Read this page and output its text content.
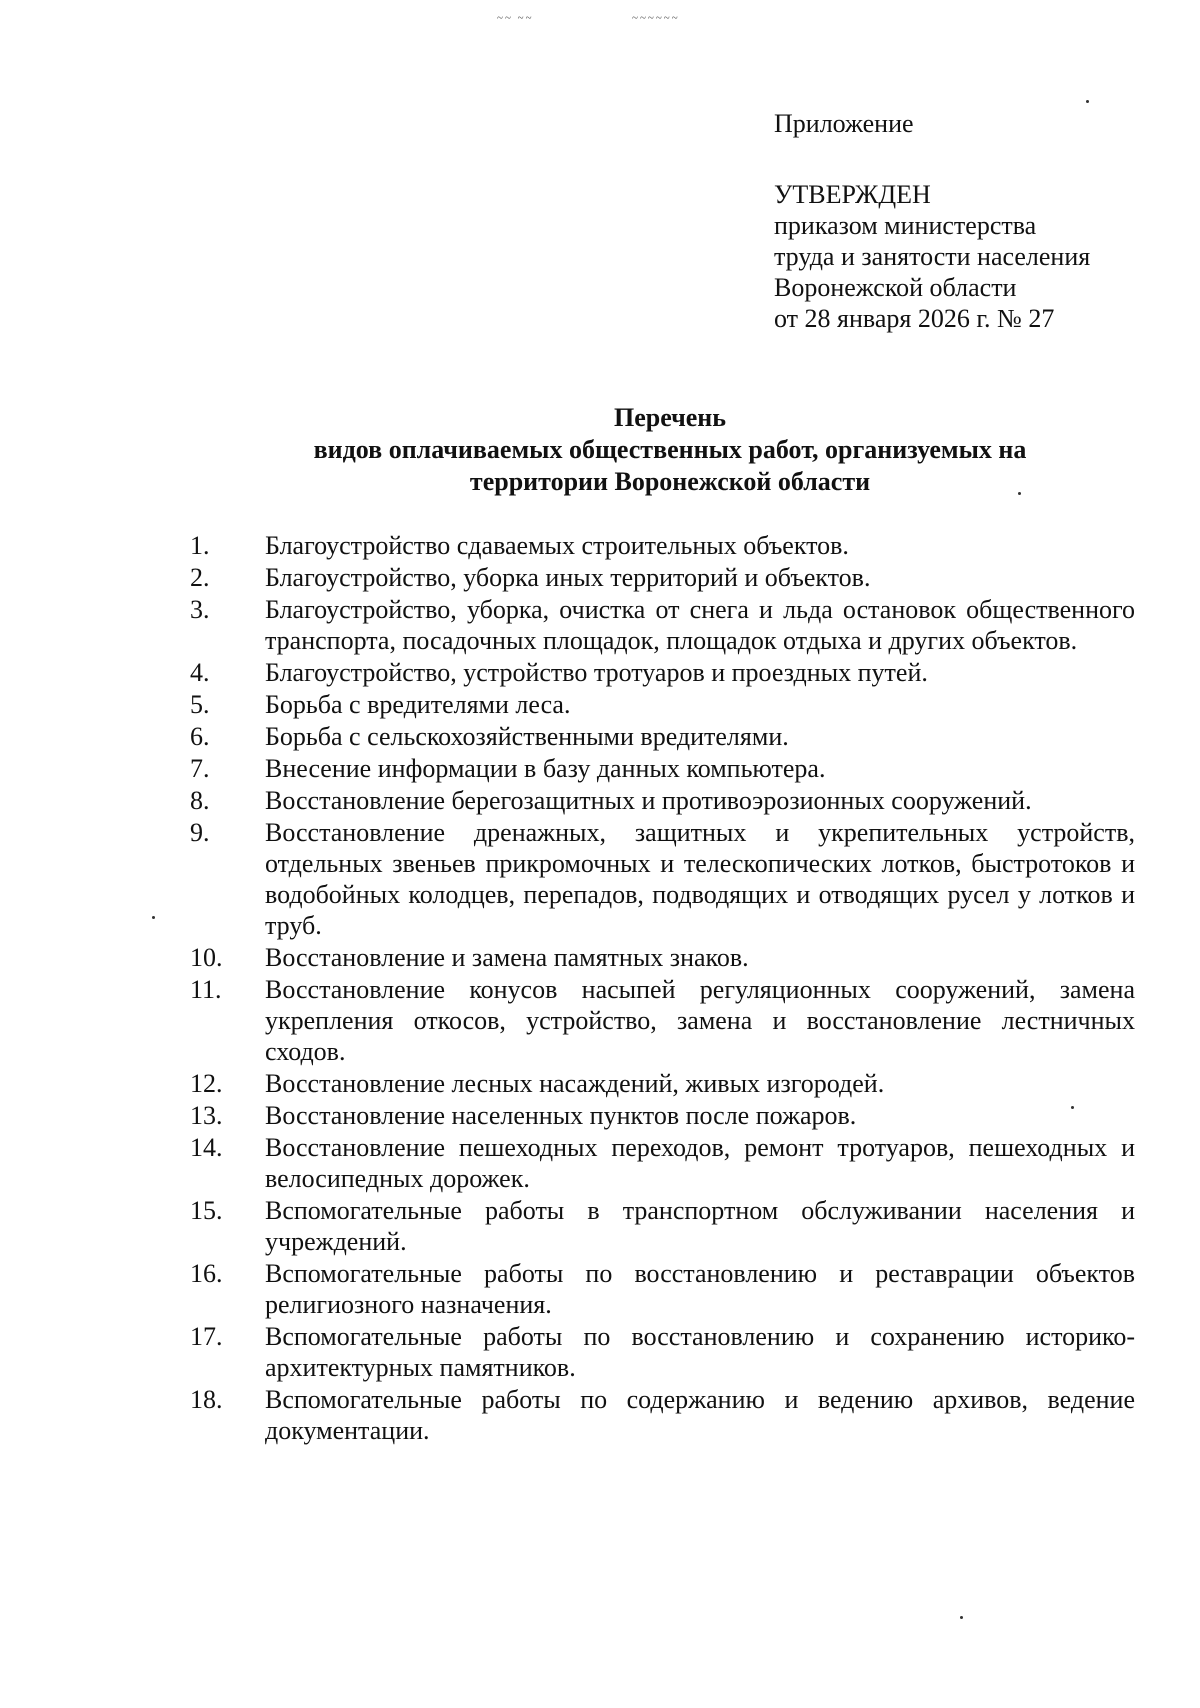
~~ ~~	~~~~~~
Приложение
УТВЕРЖДЕН
приказом министерства
труда и занятости населения
Воронежской области
от 28 января 2026 г. № 27
Перечень
видов оплачиваемых общественных работ, организуемых на
территории Воронежской области
1.	Благоустройство сдаваемых строительных объектов.
2.	Благоустройство, уборка иных территорий и объектов.
3.	Благоустройство, уборка, очистка от снега и льда остановок общественного транспорта, посадочных площадок, площадок отдыха и других объектов.
4.	Благоустройство, устройство тротуаров и проездных путей.
5.	Борьба с вредителями леса.
6.	Борьба с сельскохозяйственными вредителями.
7.	Внесение информации в базу данных компьютера.
8.	Восстановление берегозащитных и противоэрозионных сооружений.
9.	Восстановление дренажных, защитных и укрепительных устройств, отдельных звеньев прикромочных и телескопических лотков, быстротоков и водобойных колодцев, перепадов, подводящих и отводящих русел у лотков и труб.
10.	Восстановление и замена памятных знаков.
11.	Восстановление конусов насыпей регуляционных сооружений, замена укрепления откосов, устройство, замена и восстановление лестничных сходов.
12.	Восстановление лесных насаждений, живых изгородей.
13.	Восстановление населенных пунктов после пожаров.
14.	Восстановление пешеходных переходов, ремонт тротуаров, пешеходных и велосипедных дорожек.
15.	Вспомогательные работы в транспортном обслуживании населения и учреждений.
16.	Вспомогательные работы по восстановлению и реставрации объектов религиозного назначения.
17.	Вспомогательные работы по восстановлению и сохранению историко-архитектурных памятников.
18.	Вспомогательные работы по содержанию и ведению архивов, ведение документации.
